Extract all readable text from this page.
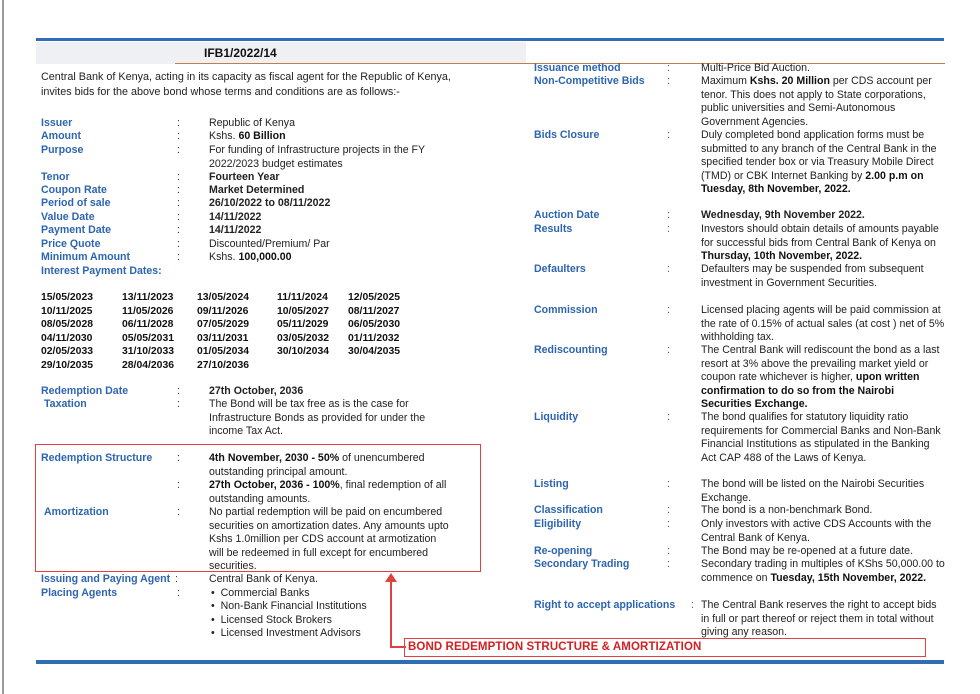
IFB1/2022/14
Central Bank of Kenya, acting in its capacity as fiscal agent for the Republic of Kenya, invites bids for the above bond whose terms and conditions are as follows:-
Issuer	:	Republic of Kenya
Amount	:	Kshs. 60 Billion
Purpose	:	For funding of Infrastructure projects in the FY 2022/2023 budget estimates
Tenor	:	Fourteen Year
Coupon Rate	:	Market Determined
Period of sale	:	26/10/2022 to 08/11/2022
Value Date	:	14/11/2022
Payment Date	:	14/11/2022
Price Quote	:	Discounted/Premium/ Par
Minimum Amount	:	Kshs. 100,000.00
Interest Payment Dates:
15/05/2023	13/11/2023 13/05/2024	11/11/2024 12/05/2025
10/11/2025	11/05/2026 09/11/2026	10/05/2027 08/11/2027
08/05/2028	06/11/2028 07/05/2029	05/11/2029 06/05/2030
04/11/2030	05/05/2031 03/11/2031	03/05/2032 01/11/2032
02/05/2033	31/10/2033 01/05/2034	30/10/2034 30/04/2035
29/10/2035	28/04/2036 27/10/2036
Redemption Date	:	27th October, 2036
Taxation	:	The Bond will be tax free as is the case for Infrastructure Bonds as provided for under the income Tax Act.
Redemption Structure :	4th November, 2030 - 50% of unencumbered outstanding principal amount.
:	27th October, 2036 - 100%, final redemption of all outstanding amounts.
Amortization	:	No partial redemption will be paid on encumbered securities on amortization dates. Any amounts upto Kshs 1.0million per CDS account at armotization will be redeemed in full except for encumbered securities.
Issuing and Paying Agent :	Central Bank of Kenya.
Placing Agents	:	•  Commercial Banks
•  Non-Bank Financial Institutions
•  Licensed Stock Brokers
•  Licensed Investment Advisors
BOND REDEMPTION STRUCTURE & AMORTIZATION
Issuance method	:	Multi-Price Bid Auction.
Non-Competitive Bids :	Maximum Kshs. 20 Million per CDS account per tenor. This does not apply to State corporations, public universities and Semi-Autonomous Government Agencies.
Bids Closure	:	Duly completed bond application forms must be submitted to any branch of the Central Bank in the specified tender box or via Treasury Mobile Direct (TMD) or CBK Internet Banking by 2.00 p.m on Tuesday, 8th November, 2022.
Auction Date	:	Wednesday, 9th November 2022.
Results	:	Investors should obtain details of amounts payable for successful bids from Central Bank of Kenya on Thursday, 10th November, 2022.
Defaulters	:	Defaulters may be suspended from subsequent investment in Government Securities.
Commission	:	Licensed placing agents will be paid commission at the rate of 0.15% of actual sales (at cost ) net of 5% withholding tax.
Rediscounting	:	The Central Bank will rediscount the bond as a last resort at 3% above the prevailing market yield or coupon rate whichever is higher, upon written confirmation to do so from the Nairobi Securities Exchange.
Liquidity	:	The bond qualifies for statutory liquidity ratio requirements for Commercial Banks and Non-Bank Financial Institutions as stipulated in the Banking Act CAP 488 of the Laws of Kenya.
Listing	:	The bond will be listed on the Nairobi Securities Exchange.
Classification	:	The bond is a non-benchmark Bond.
Eligibility	:	Only investors with active CDS Accounts with the Central Bank of Kenya.
Re-opening	:	The Bond may be re-opened at a future date.
Secondary Trading	:	Secondary trading in multiples of KShs 50,000.00 to commence on Tuesday, 15th November, 2022.
Right to accept applications : The Central Bank reserves the right to accept bids in full or part thereof or reject them in total without giving any reason.
